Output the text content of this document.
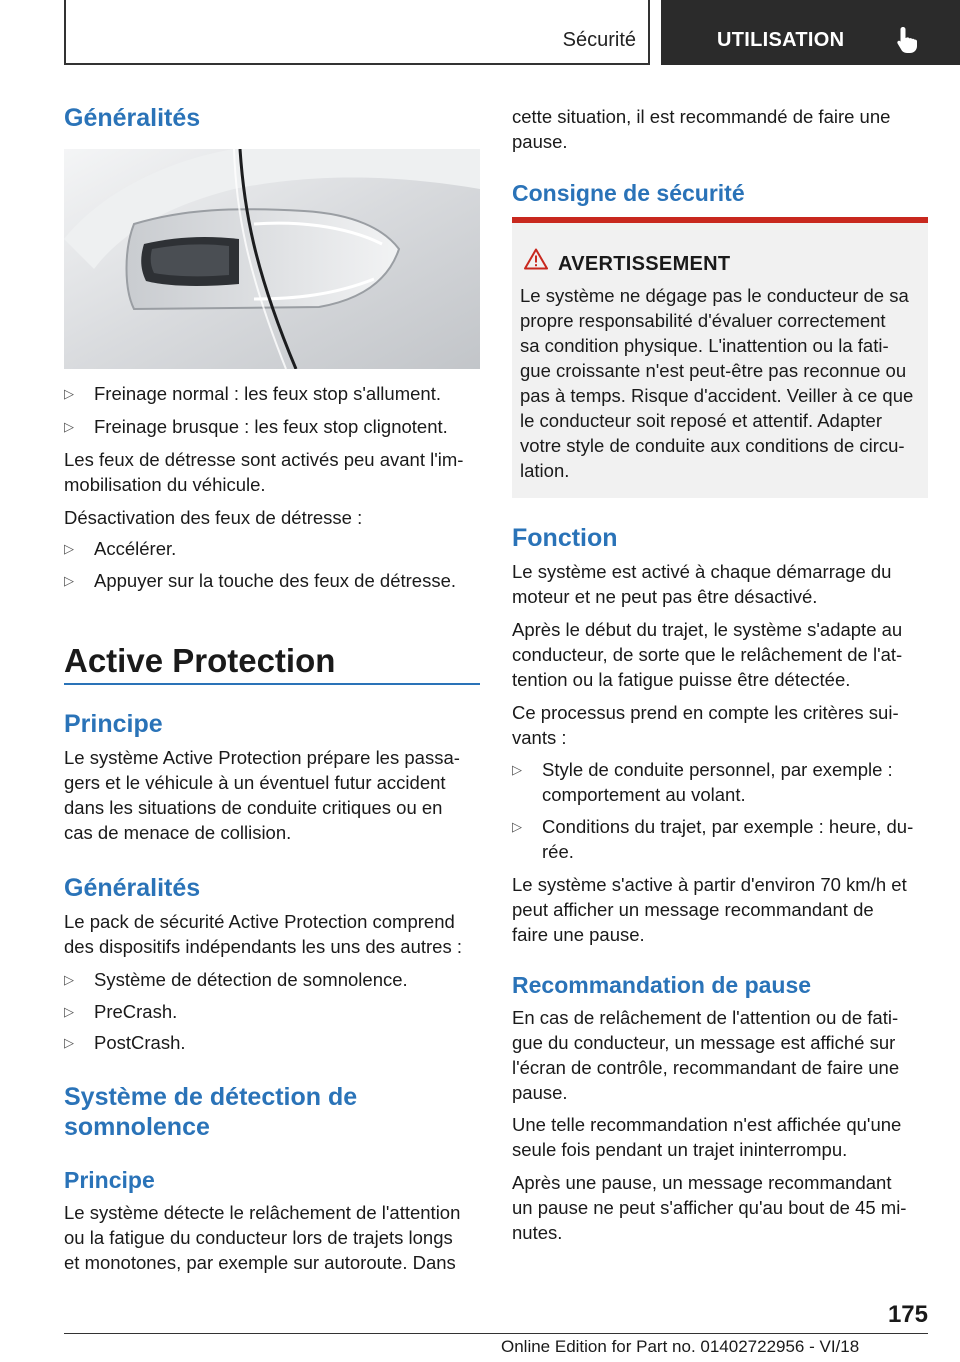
Sécurité	UTILISATION
Généralités
▷ Freinage normal : les feux stop s'allument.
▷ Freinage brusque : les feux stop clignotent.
Les feux de détresse sont activés peu avant l'im-
mobilisation du véhicule.
Désactivation des feux de détresse :
▷ Accélérer.
▷ Appuyer sur la touche des feux de détresse.
Active Protection
Principe
Le système Active Protection prépare les passa-
gers et le véhicule à un éventuel futur accident
dans les situations de conduite critiques ou en
cas de menace de collision.
Généralités
Le pack de sécurité Active Protection comprend
des dispositifs indépendants les uns des autres :
▷ Système de détection de somnolence.
▷ PreCrash.
▷ PostCrash.
Système de détection de
somnolence
Principe
Le système détecte le relâchement de l'attention
ou la fatigue du conducteur lors de trajets longs
et monotones, par exemple sur autoroute. Dans
cette situation, il est recommandé de faire une
pause.
Consigne de sécurité
AVERTISSEMENT
Le système ne dégage pas le conducteur de sa
propre responsabilité d'évaluer correctement
sa condition physique. L'inattention ou la fati-
gue croissante n'est peut-être pas reconnue ou
pas à temps. Risque d'accident. Veiller à ce que
le conducteur soit reposé et attentif. Adapter
votre style de conduite aux conditions de circu-
lation.
Fonction
Le système est activé à chaque démarrage du
moteur et ne peut pas être désactivé.
Après le début du trajet, le système s'adapte au
conducteur, de sorte que le relâchement de l'at-
tention ou la fatigue puisse être détectée.
Ce processus prend en compte les critères sui-
vants :
▷ Style de conduite personnel, par exemple :
comportement au volant.
▷ Conditions du trajet, par exemple : heure, du-
rée.
Le système s'active à partir d'environ 70 km/h et
peut afficher un message recommandant de
faire une pause.
Recommandation de pause
En cas de relâchement de l'attention ou de fati-
gue du conducteur, un message est affiché sur
l'écran de contrôle, recommandant de faire une
pause.
Une telle recommandation n'est affichée qu'une
seule fois pendant un trajet ininterrompu.
Après une pause, un message recommandant
un pause ne peut s'afficher qu'au bout de 45 mi-
nutes.
175
Online Edition for Part no. 01402722956 - VI/18
